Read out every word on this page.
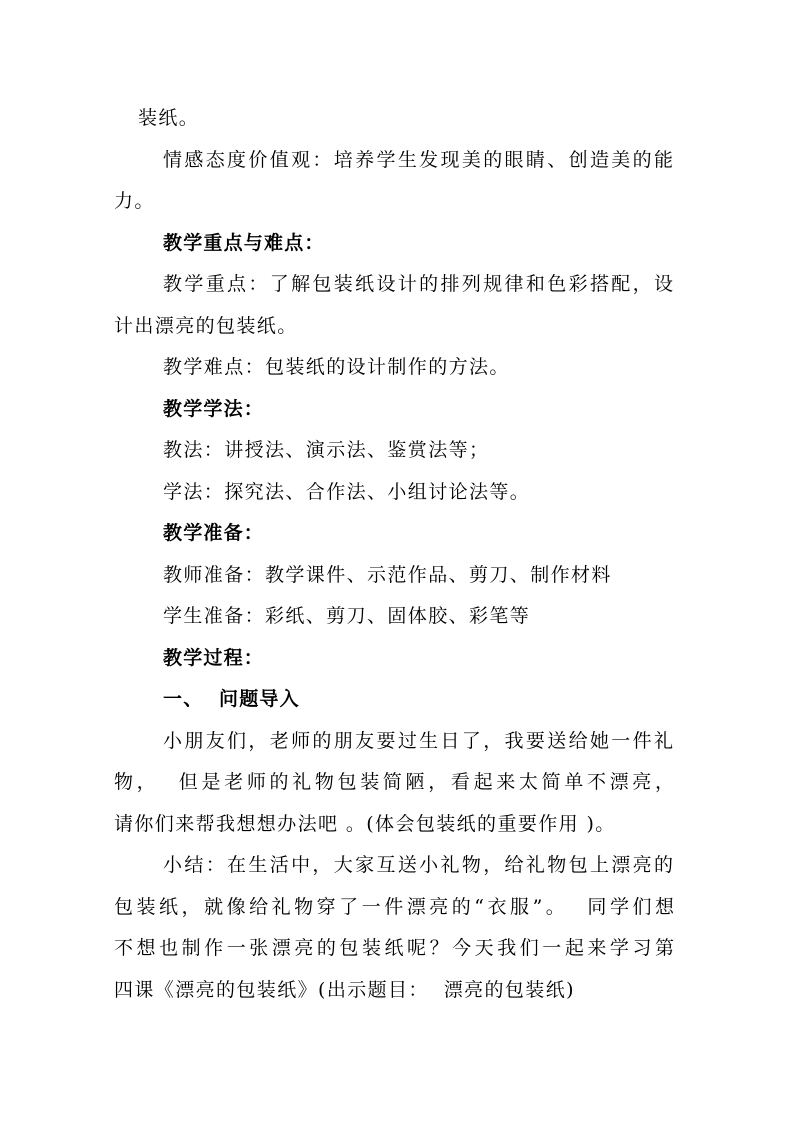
装纸。
情感态度价值观：培养学生发现美的眼睛、创造美的能
力。
教学重点与难点：
教学重点：了解包装纸设计的排列规律和色彩搭配，设
计出漂亮的包装纸。
教学难点：包装纸的设计制作的方法。
教学学法：
教法：讲授法、演示法、鉴赏法等；
学法：探究法、合作法、小组讨论法等。
教学准备：
教师准备：教学课件、示范作品、剪刀、制作材料
学生准备：彩纸、剪刀、固体胶、彩笔等
教学过程：
一、  问题导入
小朋友们，老师的朋友要过生日了，我要送给她一件礼
物，  但是老师的礼物包装简陋，看起来太简单不漂亮，
请你们来帮我想想办法吧 。(体会包装纸的重要作用 )。
小结：在生活中，大家互送小礼物，给礼物包上漂亮的
包装纸，就像给礼物穿了一件漂亮的“衣服”。  同学们想
不想也制作一张漂亮的包装纸呢？今天我们一起来学习第
四课《漂亮的包装纸》(出示题目：  漂亮的包装纸)
